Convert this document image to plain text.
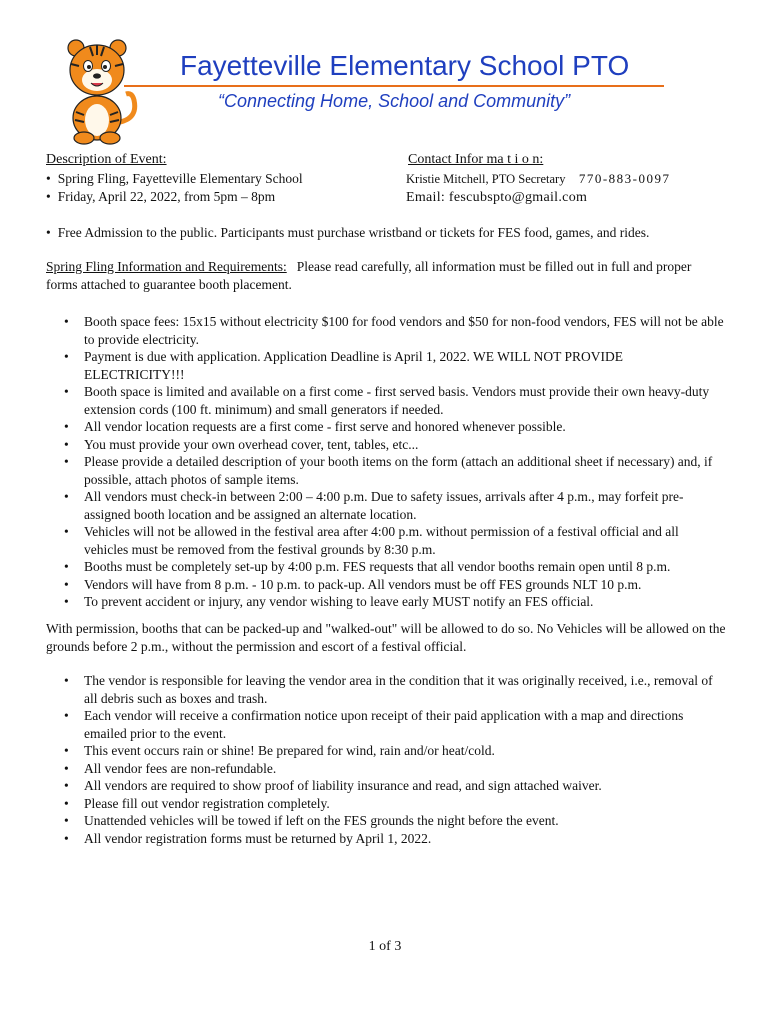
Fayetteville Elementary School PTO
“Connecting Home, School and Community”
Description of Event:
• Spring Fling, Fayetteville Elementary School
• Friday, April 22, 2022, from 5pm – 8pm
Contact Infor ma t i o n:
Kristie Mitchell, PTO Secretary 770-883-0097
Email: fescubspto@gmail.com
• Free Admission to the public. Participants must purchase wristband or tickets for FES food, games, and rides.
Spring Fling Information and Requirements: Please read carefully, all information must be filled out in full and proper forms attached to guarantee booth placement.
• Booth space fees: 15x15 without electricity $100 for food vendors and $50 for non-food vendors, FES will not be able to provide electricity.
• Payment is due with application. Application Deadline is April 1, 2022. WE WILL NOT PROVIDE ELECTRICITY!!!
• Booth space is limited and available on a first come - first served basis. Vendors must provide their own heavy-duty extension cords (100 ft. minimum) and small generators if needed.
• All vendor location requests are a first come - first serve and honored whenever possible.
• You must provide your own overhead cover, tent, tables, etc...
• Please provide a detailed description of your booth items on the form (attach an additional sheet if necessary) and, if possible, attach photos of sample items.
• All vendors must check-in between 2:00 – 4:00 p.m. Due to safety issues, arrivals after 4 p.m., may forfeit pre-assigned booth location and be assigned an alternate location.
• Vehicles will not be allowed in the festival area after 4:00 p.m. without permission of a festival official and all vehicles must be removed from the festival grounds by 8:30 p.m.
• Booths must be completely set-up by 4:00 p.m. FES requests that all vendor booths remain open until 8 p.m.
• Vendors will have from 8 p.m. - 10 p.m. to pack-up. All vendors must be off FES grounds NLT 10 p.m.
• To prevent accident or injury, any vendor wishing to leave early MUST notify an FES official.
With permission, booths that can be packed-up and "walked-out" will be allowed to do so. No Vehicles will be allowed on the grounds before 2 p.m., without the permission and escort of a festival official.
• The vendor is responsible for leaving the vendor area in the condition that it was originally received, i.e., removal of all debris such as boxes and trash.
• Each vendor will receive a confirmation notice upon receipt of their paid application with a map and directions emailed prior to the event.
• This event occurs rain or shine! Be prepared for wind, rain and/or heat/cold.
• All vendor fees are non-refundable.
• All vendors are required to show proof of liability insurance and read, and sign attached waiver.
• Please fill out vendor registration completely.
• Unattended vehicles will be towed if left on the FES grounds the night before the event.
• All vendor registration forms must be returned by April 1, 2022.
1 of 3
